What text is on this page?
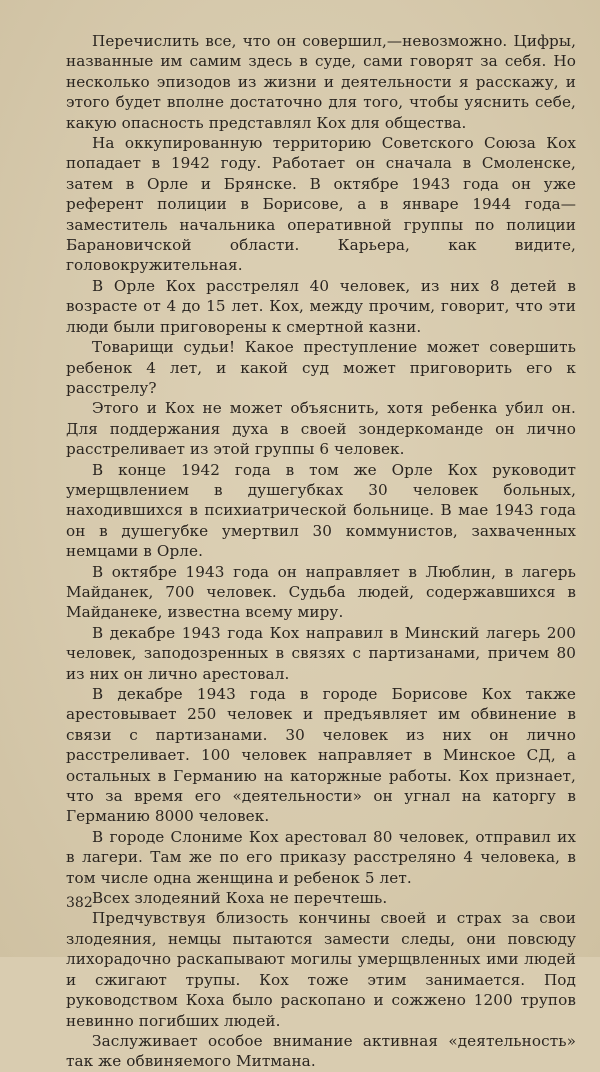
Перечислить все, что он совершил,—невозможно. Цифры, названные им самим здесь в суде, сами говорят за себя. Но несколько эпизодов из жизни и деятельности я расскажу, и этого будет вполне достаточно для того, чтобы уяснить себе, какую опасность представлял Кох для общества.

На оккупированную территорию Советского Союза Кох попадает в 1942 году. Работает он сначала в Смоленске, затем в Орле и Брянске. В октябре 1943 года он уже референт полиции в Борисове, а в январе 1944 года—заместитель начальника оперативной группы по полиции Барановичской области. Карьера, как видите, головокружительная.

В Орле Кох расстрелял 40 человек, из них 8 детей в возрасте от 4 до 15 лет. Кох, между прочим, говорит, что эти люди были приговорены к смертной казни.

Товарищи судьи! Какое преступление может совершить ребенок 4 лет, и какой суд может приговорить его к расстрелу?

Этого и Кох не может объяснить, хотя ребенка убил он. Для поддержания духа в своей зондеркоманде он лично расстреливает из этой группы 6 человек.

В конце 1942 года в том же Орле Кох руководит умерщвлением в душегубках 30 человек больных, находившихся в психиатрической больнице. В мае 1943 года он в душегубке умертвил 30 коммунистов, захваченных немцами в Орле.

В октябре 1943 года он направляет в Люблин, в лагерь Майданек, 700 человек. Судьба людей, содержавшихся в Майданеке, известна всему миру.

В декабре 1943 года Кох направил в Минский лагерь 200 человек, заподозренных в связях с партизанами, причем 80 из них он лично арестовал.

В декабре 1943 года в городе Борисове Кох также арестовывает 250 человек и предъявляет им обвинение в связи с партизанами. 30 человек из них он лично расстреливает. 100 человек направляет в Минское СД, а остальных в Германию на каторжные работы. Кох признает, что за время его «деятельности» он угнал на каторгу в Германию 8000 человек.

В городе Слониме Кох арестовал 80 человек, отправил их в лагери. Там же по его приказу расстреляно 4 человека, в том числе одна женщина и ребенок 5 лет.

Всех злодеяний Коха не перечтешь.

Предчувствуя близость кончины своей и страх за свои злодеяния, немцы пытаются замести следы, они повсюду лихорадочно раскапывают могилы умерщвленных ими людей и сжигают трупы. Кох тоже этим занимается. Под руководством Коха было раскопано и сожжено 1200 трупов невинно погибших людей.

Заслуживает особое внимание активная «деятельность» так же обвиняемого Митмана.

382
